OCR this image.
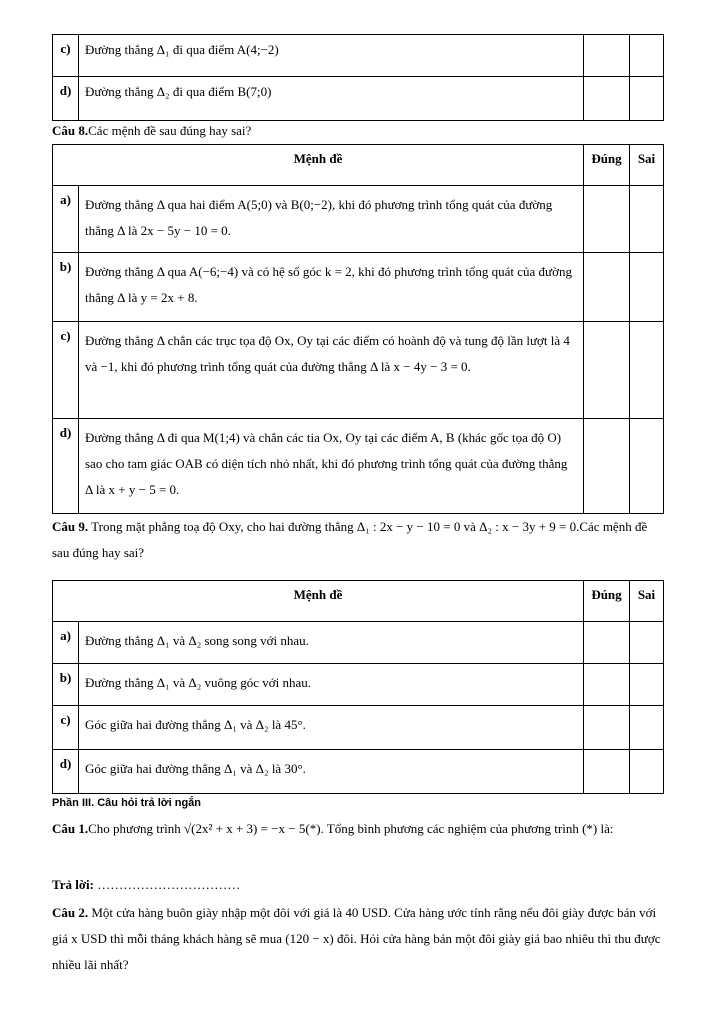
c)	Đường thẳng Δ₁ đi qua điểm A(4;−2)		
d)	Đường thẳng Δ₂ đi qua điểm B(7;0)		
Câu 8.Các mệnh đề sau đúng hay sai?
Mệnh đề		Đúng	Sai
a)	Đường thẳng Δ qua hai điểm A(5;0) và B(0;−2), khi đó phương trình tổng quát của đường thẳng Δ là 2x − 5y − 10 = 0.		
b)	Đường thẳng Δ qua A(−6;−4) và có hệ số góc k = 2, khi đó phương trình tổng quát của đường thẳng Δ là y = 2x + 8.		
c)	Đường thẳng Δ chắn các trục tọa độ Ox, Oy tại các điểm có hoành độ và tung độ lần lượt là 4 và −1, khi đó phương trình tổng quát của đường thẳng Δ là x − 4y − 3 = 0.		
d)	Đường thẳng Δ đi qua M(1;4) và chắn các tia Ox, Oy tại các điểm A, B (khác gốc tọa độ O) sao cho tam giác OAB có diện tích nhỏ nhất, khi đó phương trình tổng quát của đường thẳng Δ là x + y − 5 = 0.		
Câu 9. Trong mặt phẳng toạ độ Oxy, cho hai đường thẳng Δ₁ : 2x − y − 10 = 0 và Δ₂ : x − 3y + 9 = 0.Các mệnh đề sau đúng hay sai?
Mệnh đề		Đúng	Sai
a)	Đường thẳng Δ₁ và Δ₂ song song với nhau.		
b)	Đường thẳng Δ₁ và Δ₂ vuông góc với nhau.		
c)	Góc giữa hai đường thẳng Δ₁ và Δ₂ là 45°.		
d)	Góc giữa hai đường thẳng Δ₁ và Δ₂ là 30°.		
Phần III. Câu hỏi trả lời ngắn
Câu 1.Cho phương trình √(2x² + x + 3) = −x − 5(*). Tổng bình phương các nghiệm của phương trình (*) là:
Trả lời: ……………………………
Câu 2. Một cửa hàng buôn giày nhập một đôi với giá là 40 USD. Cửa hàng ước tính rằng nếu đôi giày được bán với giá x USD thì mỗi tháng khách hàng sẽ mua (120 − x) đôi. Hỏi cửa hàng bán một đôi giày giá bao nhiêu thì thu được nhiều lãi nhất?
